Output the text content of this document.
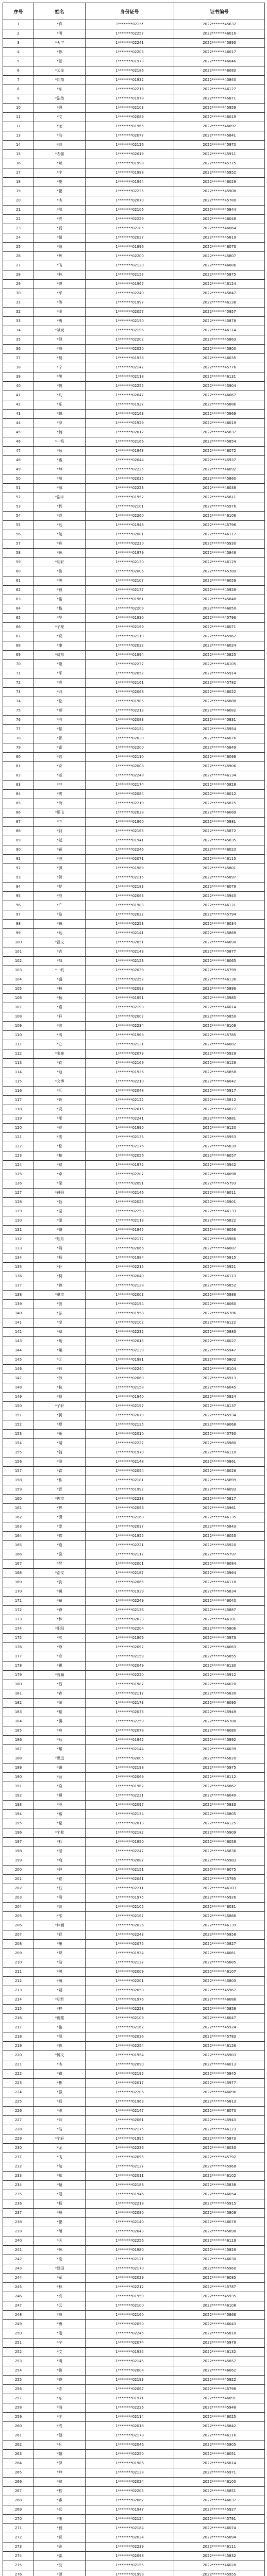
序号	姓名	身份证号	证书编号
1	*锋	1********0225*	2022*******45632
2	*明	1********02257	2022*******46016
3	*天宇	1********02241	2022*******45893
4	*伟	1********02203	2022*******46017
5	*景	1********01973	2022*******46046
6	*云龙	1********02186	2022*******46083
7	*翔翔	1********01932	2022*******45840
8	*东	1********02216	2022*******46127
9	*浩然	1********01978	2022*******45871
10	*强	1********02103	2022*******45959
11	*文	1********02089	2022*******46019
12	*龙	1********01965	2022*******46097
13	*浩	1********02077	2022*******45841
14	*帅	1********02126	2022*******45970
15	*志强	1********02019	2022*******45911
16	*斌	1********01998	2022*******45775
17	*宇	1********01988	2022*******45952
18	*豪	1********01944	2022*******46029
19	*鹏	1********02235	2022*******45908
20	*杰	1********02070	2022*******45780
21	*凯	1********02106	2022*******45844
22	*亮	1********02229	2022*******46048
23	*磊	1********02185	2022*******46064
24	*超	1********02027	2022*******45819
25	*阳	1********01996	2022*******46073
26	*辉	1********02200	2022*******45807
27	*飞	1********02120	2022*******46086
28	*林	1********02157	2022*******45875
29	*博	1********01967	2022*******46124
30	*军	1********02240	2022*******45847
31	*涛	1********01997	2022*******46138
32	*刚	1********02057	2022*******45957
33	*勇	1********02150	2022*******45878
34	*斌斌	1********02196	2022*******46114
35	*健	1********02202	2022*******45863
36	*峰	1********02020	2022*******45800
37	*晨	1********01938	2022*******46035
38	*宁	1********02142	2022*******45776
39	*旭	1********02118	2022*******46131
40	*帆	1********02255	2022*******45904
41	*凡	1********02047	2022*******46067
42	*乐	1********01927	2022*******45886
43	*越	1********02163	2022*******45969
44	*泽	1********01929	2022*******46019
45	*楠	1********02012	2022*******45837
46	*一鸣	1********02166	2022*******45854
47	*顺	1********01943	2022*******46072
48	*鑫	1********02044	2022*******45937
49	*坤	1********02225	2022*******46092
50	*川	1********02035	2022*******45860
51	*城	1********02223	2022*******46038
52	*浩宇	1********01952	2022*******45811
53	*哲	1********02101	2022*******45976
54	*睿	1********02260	2022*******46106
55	*远	1********01948	2022*******45796
56	*航	1********02081	2022*******46117
57	*舟	1********02230	2022*******45930
58	*晖	1********01979	2022*******45846
59	*明轩	1********02130	2022*******46129
60	*俊	1********02006	2022*******45789
61	*骏	1********02107	2022*******46059
62	*毅	1********02177	2022*******45928
63	*铭	1********01961	2022*******45848
64	*楷	1********02209	2022*******46050
65	*昊	1********01930	2022*******45796
66	*子豪	1********02199	2022*******46071
67	*锐	1********02119	2022*******45962
68	*康	1********02032	2022*******46024
69	*晓东	1********01994	2022*******45825
70	*建	1********02237	2022*******46105
71	*平	1********02052	2022*******45914
72	*成	1********02161	2022*******45782
73	*双	1********02068	2022*******46022
74	*伦	1********01985	2022*******45888
75	*顺	1********02213	2022*******46082
76	*浩	1********02083	2022*******45831
77	*振	1********02154	2022*******45954
78	*彬	1********02030	2022*******46076
79	*雷	1********02200	2022*******45849
80	*岩	1********02110	2022*******46099
81	*奇	1********02008	2022*******45906
82	*威	1********02248	2022*******46134
83	*冲	1********02174	2022*******45828
84	*爽	1********02084	2022*******46012
85	*海	1********02219	2022*******45875
86	*鹏飞	1********02028	2022*******46069
87	*胜	1********01960	2022*******45981
88	*钊	1********02165	2022*******45872
89	*延	1********01941	2022*******45835
90	*颖	1********02246	2022*******46023
91	*波	1********02071	2022*******46115
92	*源	1********01989	2022*******45801
93	*贺	1********02115	2022*******45897
94	*昆	1********02183	2022*******46079
95	*辰	1********02063	2022*******45945
96	*广	1********01983	2022*******46121
97	*皓	1********02022	2022*******45794
98	*琦	1********02253	2022*******46034
99	*达	1********02141	2022*******45869
100	*凯文	1********02051	2022*******46090
101	*吉	1********02143	2022*******45877
102	*飒	1********02153	2022*******46065
103	*一帆	1********02039	2022*******45799
104	*盛	1********02252	2022*******46136
105	*楠	1********02093	2022*******45896
106	*杨	1********01951	2022*******45985
107	*嘉	1********02190	2022*******46014
108	*祥	1********02002	2022*******45850
109	*宏	1********02234	2022*******46109
110	*鸿	1********01968	2022*******45785
111	*立	1********02131	2022*******46082
112	*家豪	1********02073	2022*******45929
113	*钦	1********02169	2022*******46128
114	*迪	1********01936	2022*******45858
115	*文博	1********02210	2022*******46042
116	*江	1********02048	2022*******45917
117	*政	1********02122	2022*******45812
118	*炎	1********02016	2022*******46077
119	*彤	1********02241	2022*******45881
120	*春	1********01990	2022*******46120
121	*浚	1********02135	2022*******45953
122	*松	1********02176	2022*******45839
123	*柏	1********02056	2022*******46057
124	*瑞	1********01972	2022*******45942
125	*卓	1********02207	2022*******46098
126	*梁	1********02091	2022*******45793
127	*晨阳	1********02146	2022*******46011
128	*勃	1********02025	2022*******45901
129	*坚	1********02258	2022*******46133
130	*聪	1********02113	2022*******45822
131	*鹏	1********01945	2022*******46056
132	*旭东	1********02172	2022*******45966
133	*阔	1********02066	2022*******46087
134	*畅	1********01984	2022*******45815
135	*轩	1********02215	2022*******45921
136	*桐	1********02040	2022*******46113
137	*锦	1********02128	2022*******45852
138	*豪杰	1********02003	2022*******45986
139	*剑	1********02194	2022*******46060
140	*弘	1********01958	2022*******45786
141	*斐	1********02102	2022*******46122
142	*骞	1********02232	2022*******45883
143	*峻	1********02015	2022*******46027
144	*曦	1********02139	2022*******45947
145	*元	1********01981	2022*******45802
146	*玮	1********02244	2022*******46104
147	*沛	1********02060	2022*******45913
148	*杭	1********02158	2022*******46045
149	*恒	1********01940	2022*******45824
150	*子轩	1********02197	2022*******46137
151	*腾	1********02079	2022*******45934
152	*煜	1********02125	2022*******46068
153	*策	1********02010	2022*******45790
154	*靖	1********02227	2022*******45980
155	*翰	1********01970	2022*******46110
156	*朗	1********02148	2022*******45861
157	*霖	1********02054	2022*******46026
158	*栋	1********02181	2022*******45899
159	*晋	1********01992	2022*******46093
160	*俊杰	1********02238	2022*******45817
161	*烨	1********02096	2022*******45961
162	*潇	1********02168	2022*******46135
163	*崇	1********02037	2022*******45843
164	*霆	1********01955	2022*******46053
165	*逸	1********02221	2022*******45920
166	*骁	1********02112	2022*******45797
167	*昱	1********02001	2022*******46084
168	*浩文	1********02187	2022*******45964
169	*钧	1********02065	2022*******46118
170	*翼	1********01939	2022*******45834
171	*铖	1********02249	2022*******46040
172	*锋	1********02136	2022*******45887
173	*梓	1********02023	2022*******46101
174	*阳阳	1********02204	2022*******45806
175	*熙	1********01966	2022*******45973
176	*峥	1********02092	2022*******46063
177	*彦	1********02159	2022*******45855
178	*祺	1********02049	2022*******46130
179	*哲瀚	1********02220	2022*******45912
180	*昌	1********01987	2022*******46020
181	*森	1********02117	2022*******45830
182	*荣	1********02173	2022*******46095
183	*韬	1********02033	2022*******45949
184	*骐	1********02259	2022*******45788
185	*宸	1********02078	2022*******46080
186	*灿	1********01942	2022*******45892
187	*耀	1********02144	2022*******46039
188	*思远	1********02005	2022*******45820
189	*谦	1********02198	2022*******45975
190	*劲	1********02069	2022*******46112
191	*焱	1********01962	2022*******45862
192	*璟	1********02231	2022*******46049
193	*澄	1********02097	2022*******45933
194	*锴	1********02134	2022*******45805
195	*星	1********02013	2022*******46125
196	*宇航	1********02182	2022*******45909
197	*杉	1********01950	2022*******46058
198	*湛	1********02247	2022*******45836
199	*启	1********02087	2022*******45983
200	*恺	1********02151	2022*******46075
201	*锟	1********02041	2022*******45795
202	*钰	1********02211	2022*******46103
203	*隆	1********01975	2022*******45926
204	*勋	1********02105	2022*******46031
205	*泓	1********02167	2022*******45866
206	*梓涵	1********02026	2022*******46139
207	*铎	1********02243	2022*******45958
208	*墨	1********02075	2022*******45827
209	*琛	1********01934	2022*******46061
210	*晗	1********02137	2022*******45885
211	*骋	1********02009	2022*******46107
212	*瀚	1********02201	2022*******45803
213	*朔	1********02058	2022*******45967
214	*明哲	1********01976	2022*******46088
215	*桦	1********02228	2022*******45859
216	*俊熙	1********02109	2022*******46047
217	*铭	1********02162	2022*******45924
218	*凯	1********02036	2022*******45783
219	*伟	1********02254	2022*******46126
220	*博文	1********01954	2022*******45903
221	*杰	1********02090	2022*******46013
222	*鑫	1********02192	2022*******45845
223	*彬	1********02017	2022*******45977
224	*强	1********02206	2022*******46096
225	*磊	1********01963	2022*******45813
226	*涛	1********02147	2022*******46070
227	*帅	1********02061	2022*******45943
228	*浩	1********02175	2022*******46123
229	*宇轩	1********01995	2022*******45873
230	*龙	1********02236	2022*******46033
231	*飞	1********02095	2022*******45792
232	*航	1********02127	2022*******45968
233	*斌	1********02011	2022*******46102
234	*超	1********02188	2022*******45838
235	*阳	1********01946	2022*******46054
236	*杨	1********02218	2022*******45915
237	*晨	1********02080	2022*******45809
238	*鹏	1********02140	2022*******46078
239	*旭	1********02043	2022*******45898
240	*天	1********02256	2022*******46119
241	*辉	1********01980	2022*******45826
242	*豪	1********02121	2022*******46030
243	*建国	1********02170	2022*******45960
244	*军	1********02029	2022*******46085
245	*林	1********02212	2022*******45787
246	*亮	1********01959	2022*******45935
247	*云	1********02100	2022*******46108
248	*峰	1********02160	2022*******45868
249	*勇	1********02050	2022*******46043
250	*刚	1********02245	2022*******45818
251	*宁	1********02074	2022*******45979
252	*文	1********01935	2022*******46132
253	*明	1********02145	2022*******45857
254	*俊	1********02004	2022*******46062
255	*晓	1********02193	2022*******45922
256	*志	1********02067	2022*******45798
257	*东	1********01971	2022*******46091
258	*海	1********02226	2022*******45948
259	*平	1********02114	2022*******46025
260	*成	1********02018	2022*******45842
261	*健	1********02178	2022*******46116
262	*凡	1********02046	2022*******45905
263	*越	1********02250	2022*******46051
264	*泽	1********01986	2022*******45814
265	*坤	1********02138	2022*******45971
266	*瑞	1********02024	2022*******46100
267	*哲	1********02205	2022*******45851
268	*睿	1********02062	2022*******46037
269	*远	1********01947	2022*******45927
270	*康	1********02124	2022*******45791
271	*毅	1********02184	2022*******46074
272	*锐	1********02034	2022*******45894
273	*奇	1********02239	2022*******46111
274	*雷	1********02098	2022*******45832
275	*波	1********02155	2022*******46028
276	*源	1********01999	2022*******45955
